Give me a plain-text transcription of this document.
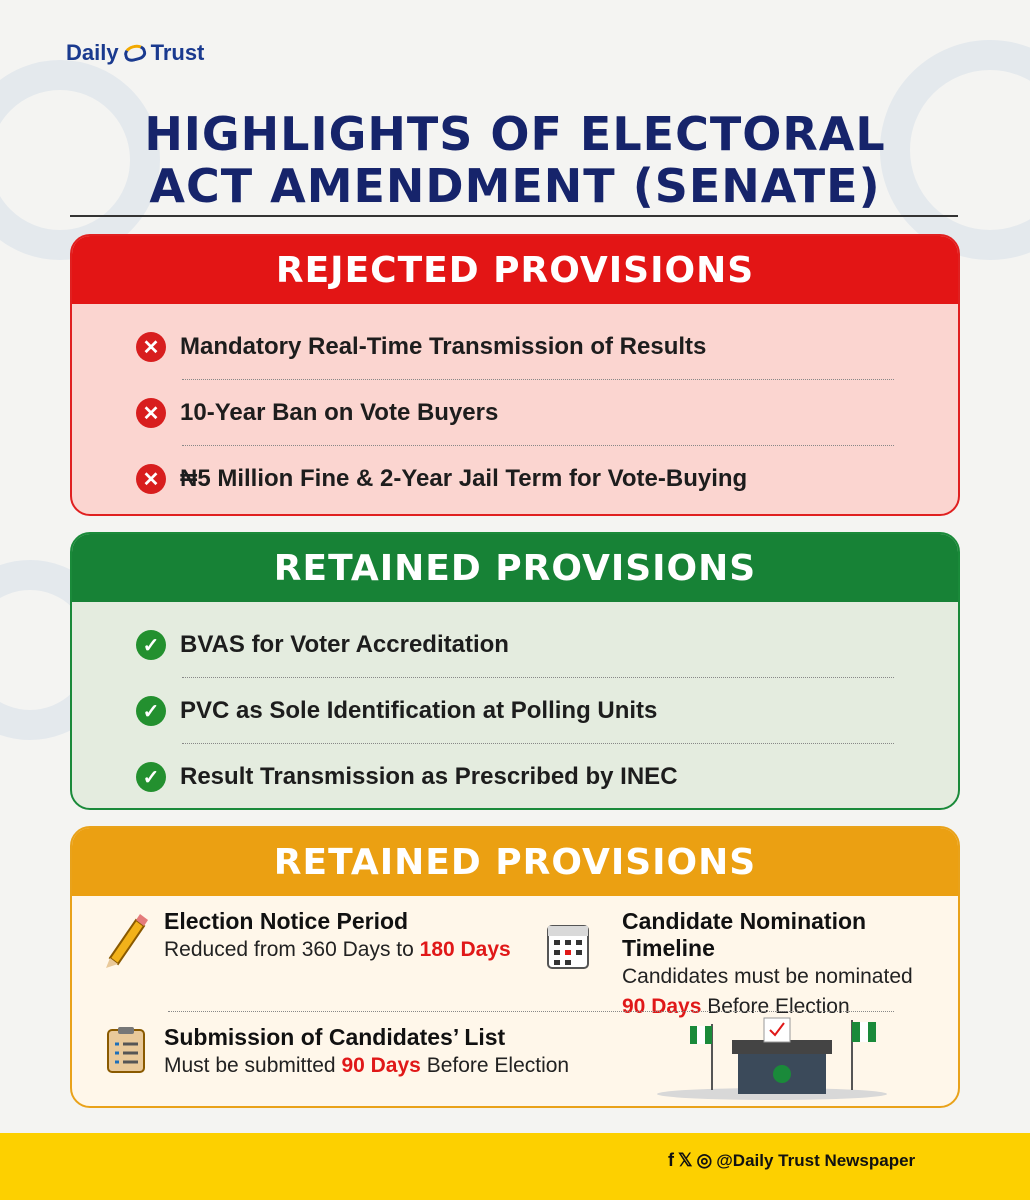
Daily Trust
HIGHLIGHTS OF ELECTORAL
ACT AMENDMENT (SENATE)
REJECTED PROVISIONS
✕ Mandatory Real-Time Transmission of Results
✕ 10-Year Ban on Vote Buyers
✕ ₦5 Million Fine & 2-Year Jail Term for Vote-Buying
RETAINED PROVISIONS
✓ BVAS for Voter Accreditation
✓ PVC as Sole Identification at Polling Units
✓ Result Transmission as Prescribed by INEC
RETAINED PROVISIONS
Election Notice Period
Reduced from 360 Days to 180 Days
Candidate Nomination Timeline
Candidates must be nominated
90 Days Before Election
Submission of Candidates’ List
Must be submitted 90 Days Before Election
f 𝕏 ◎ @Daily Trust Newspaper
